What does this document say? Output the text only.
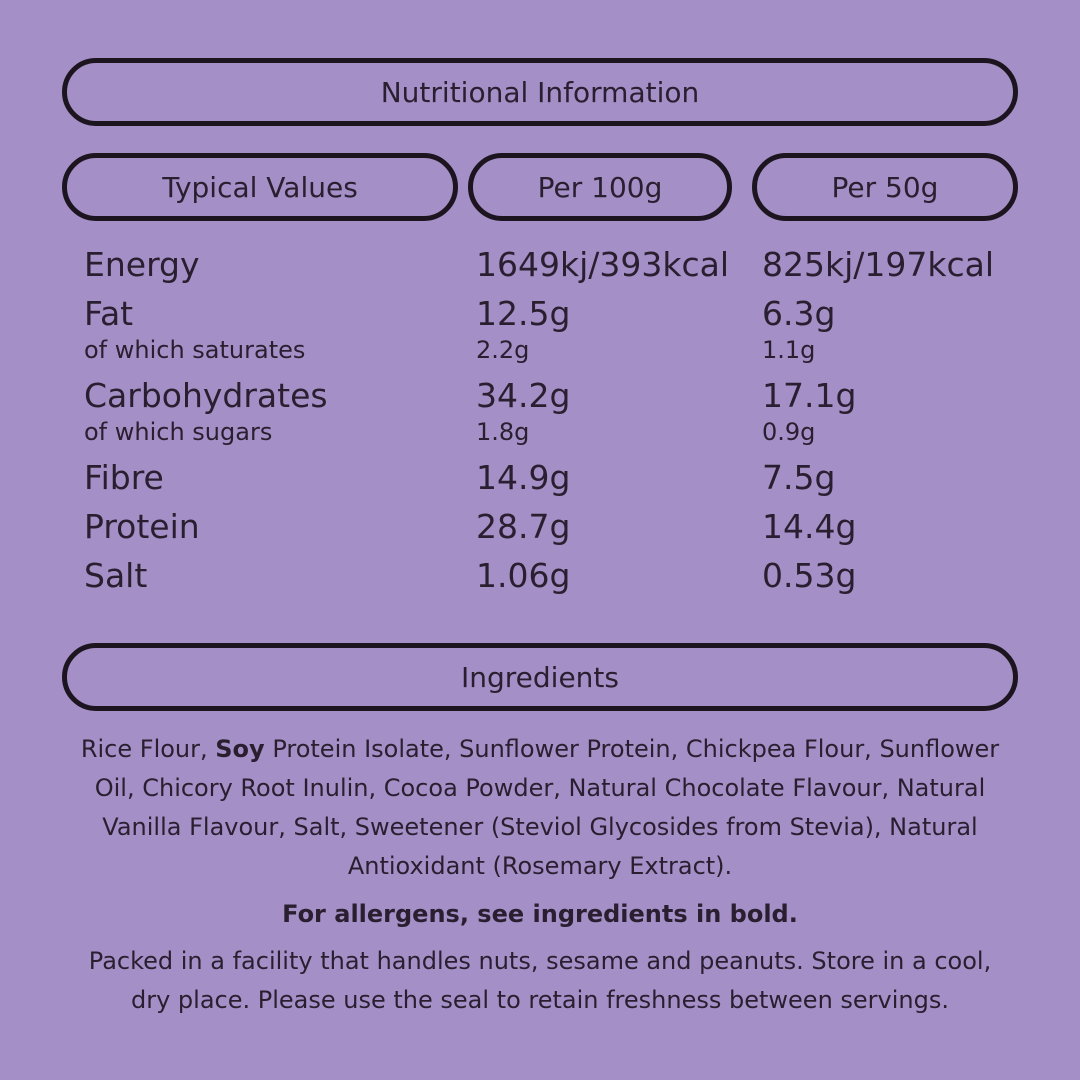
Nutritional Information
Typical Values	Per 100g	Per 50g
Energy	1649kj/393kcal 825kj/197kcal
Fat	12.5g	6.3g
of which saturates	2.2g	1.1g
Carbohydrates	34.2g	17.1g
of which sugars	1.8g	0.9g
Fibre	14.9g	7.5g
Protein	28.7g	14.4g
Salt	1.06g	0.53g
Ingredients
Rice Flour, Soy Protein Isolate, Sunflower Protein, Chickpea Flour, Sunflower Oil, Chicory Root Inulin, Cocoa Powder, Natural Chocolate Flavour, Natural Vanilla Flavour, Salt, Sweetener (Steviol Glycosides from Stevia), Natural Antioxidant (Rosemary Extract).
For allergens, see ingredients in bold.
Packed in a facility that handles nuts, sesame and peanuts. Store in a cool, dry place. Please use the seal to retain freshness between servings.
